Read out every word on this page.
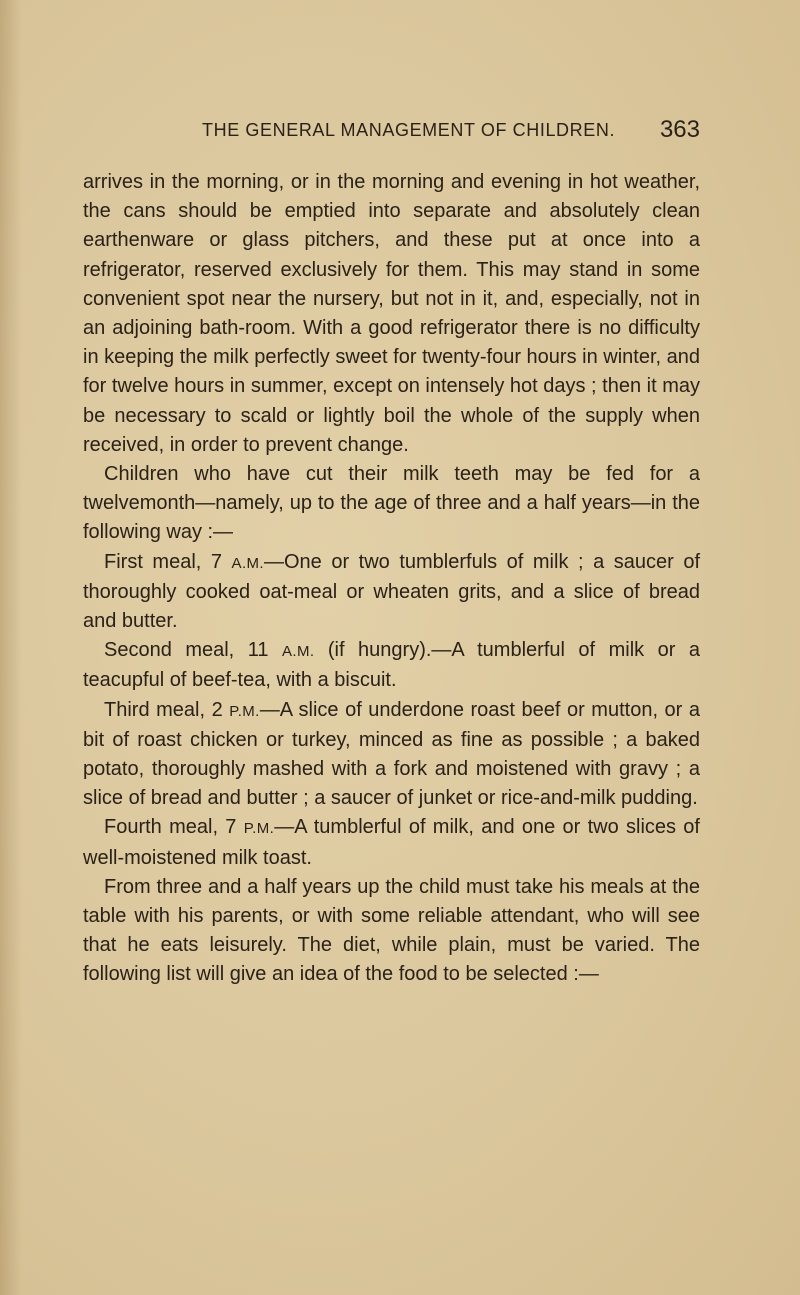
THE GENERAL MANAGEMENT OF CHILDREN. 363

arrives in the morning, or in the morning and evening in hot weather, the cans should be emptied into separate and absolutely clean earthenware or glass pitchers, and these put at once into a refrigerator, reserved exclusively for them. This may stand in some convenient spot near the nursery, but not in it, and, especially, not in an adjoining bath-room. With a good refrigerator there is no difficulty in keeping the milk perfectly sweet for twenty-four hours in winter, and for twelve hours in summer, except on intensely hot days ; then it may be necessary to scald or lightly boil the whole of the supply when received, in order to prevent change.

Children who have cut their milk teeth may be fed for a twelvemonth—namely, up to the age of three and a half years—in the following way :—

First meal, 7 A.M.—One or two tumblerfuls of milk ; a saucer of thoroughly cooked oat-meal or wheaten grits, and a slice of bread and butter.

Second meal, 11 A.M. (if hungry).—A tumblerful of milk or a teacupful of beef-tea, with a biscuit.

Third meal, 2 P.M.—A slice of underdone roast beef or mutton, or a bit of roast chicken or turkey, minced as fine as possible ; a baked potato, thoroughly mashed with a fork and moistened with gravy ; a slice of bread and butter ; a saucer of junket or rice-and-milk pudding.

Fourth meal, 7 P.M.—A tumblerful of milk, and one or two slices of well-moistened milk toast.

From three and a half years up the child must take his meals at the table with his parents, or with some reliable attendant, who will see that he eats leisurely. The diet, while plain, must be varied. The following list will give an idea of the food to be selected :—
